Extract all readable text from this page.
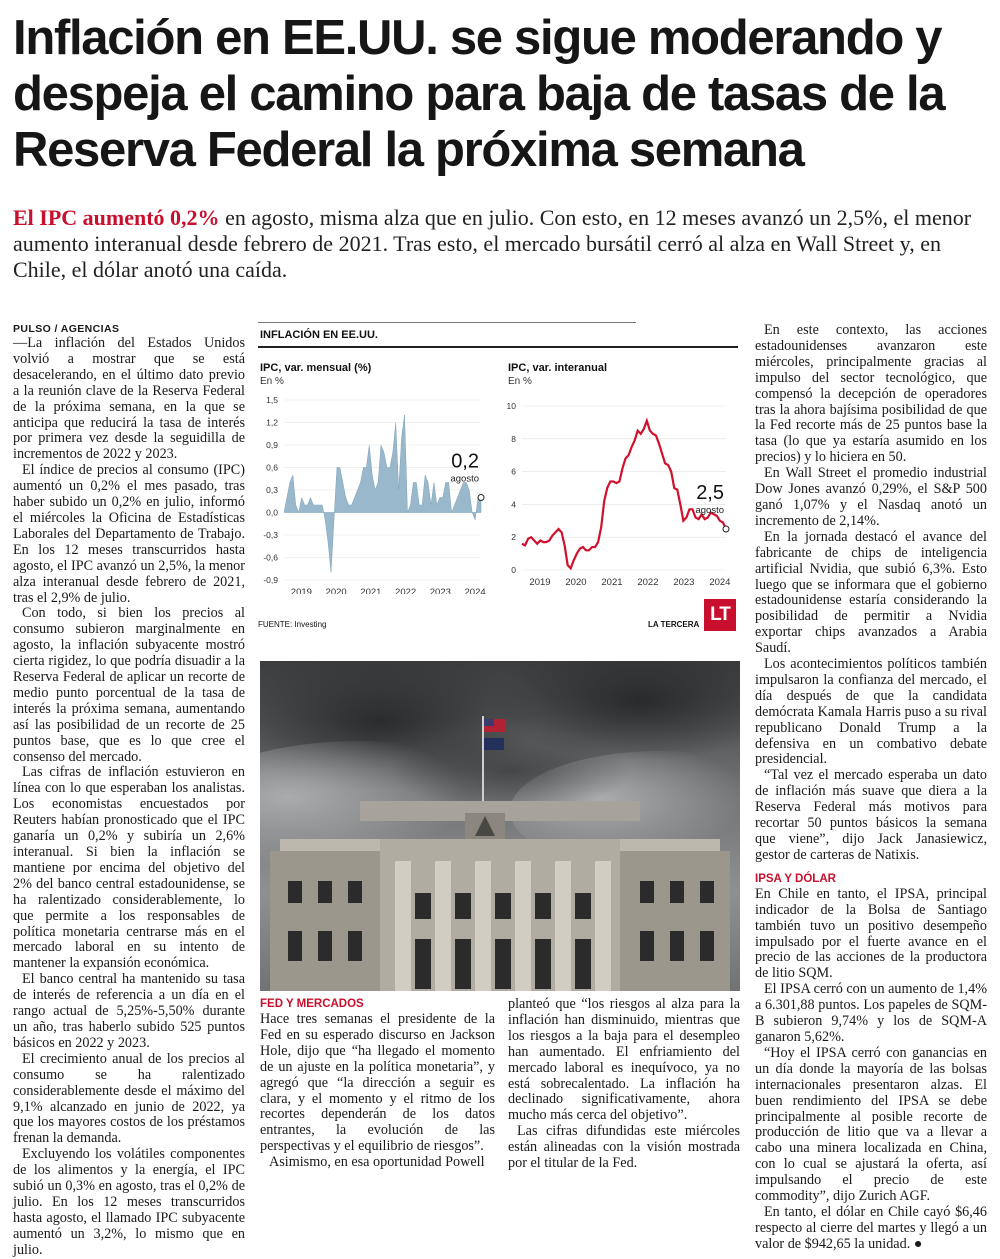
Inflación en EE.UU. se sigue moderando y despeja el camino para baja de tasas de la Reserva Federal la próxima semana

El IPC aumentó 0,2% en agosto, misma alza que en julio. Con esto, en 12 meses avanzó un 2,5%, el menor aumento interanual desde febrero de 2021. Tras esto, el mercado bursátil cerró al alza en Wall Street y, en Chile, el dólar anotó una caída.

PULSO / AGENCIAS

—La inflación del Estados Unidos volvió a mostrar que se está desacelerando, en el último dato previo a la reunión clave de la Reserva Federal de la próxima semana, en la que se anticipa que reducirá la tasa de interés por primera vez desde la seguidilla de incrementos de 2022 y 2023.

El índice de precios al consumo (IPC) aumentó un 0,2% el mes pasado, tras haber subido un 0,2% en julio, informó el miércoles la Oficina de Estadísticas Laborales del Departamento de Trabajo. En los 12 meses transcurridos hasta agosto, el IPC avanzó un 2,5%, la menor alza interanual desde febrero de 2021, tras el 2,9% de julio.

Con todo, si bien los precios al consumo subieron marginalmente en agosto, la inflación subyacente mostró cierta rigidez, lo que podría disuadir a la Reserva Federal de aplicar un recorte de medio punto porcentual de la tasa de interés la próxima semana, aumentando así las posibilidad de un recorte de 25 puntos base, que es lo que cree el consenso del mercado.

Las cifras de inflación estuvieron en línea con lo que esperaban los analistas. Los economistas encuestados por Reuters habían pronosticado que el IPC ganaría un 0,2% y subiría un 2,6% interanual. Si bien la inflación se mantiene por encima del objetivo del 2% del banco central estadounidense, se ha ralentizado considerablemente, lo que permite a los responsables de política monetaria centrarse más en el mercado laboral en su intento de mantener la expansión económica.

El banco central ha mantenido su tasa de interés de referencia a un día en el rango actual de 5,25%-5,50% durante un año, tras haberlo subido 525 puntos básicos en 2022 y 2023.

El crecimiento anual de los precios al consumo se ha ralentizado considerablemente desde el máximo del 9,1% alcanzado en junio de 2022, ya que los mayores costos de los préstamos frenan la demanda.

Excluyendo los volátiles componentes de los alimentos y la energía, el IPC subió un 0,3% en agosto, tras el 0,2% de julio. En los 12 meses transcurridos hasta agosto, el llamado IPC subyacente aumentó un 3,2%, lo mismo que en julio.

INFLACIÓN EN EE.UU.
IPC, var. mensual (%)
En %
IPC, var. interanual
En %
1,5
1,2
0,9
0,6
0,3
0,0
-0,3
-0,6
-0,9
2019 2020 2021 2022 2023 2024
0,2
agosto
10
8
6
4
2
0
2019 2020 2021 2022 2023 2024
2,5
agosto
FUENTE: Investing	LA TERCERA LT

FED Y MERCADOS

Hace tres semanas el presidente de la Fed en su esperado discurso en Jackson Hole, dijo que “ha llegado el momento de un ajuste en la política monetaria”, y agregó que “la dirección a seguir es clara, y el momento y el ritmo de los recortes dependerán de los datos entrantes, la evolución de las perspectivas y el equilibrio de riesgos”.

Asimismo, en esa oportunidad Powell

planteó que “los riesgos al alza para la inflación han disminuido, mientras que los riesgos a la baja para el desempleo han aumentado. El enfriamiento del mercado laboral es inequívoco, ya no está sobrecalentado. La inflación ha declinado significativamente, ahora mucho más cerca del objetivo”.

Las cifras difundidas este miércoles están alineadas con la visión mostrada por el titular de la Fed.

En este contexto, las acciones estadounidenses avanzaron este miércoles, principalmente gracias al impulso del sector tecnológico, que compensó la decepción de operadores tras la ahora bajísima posibilidad de que la Fed recorte más de 25 puntos base la tasa (lo que ya estaría asumido en los precios) y lo hiciera en 50.

En Wall Street el promedio industrial Dow Jones avanzó 0,29%, el S&P 500 ganó 1,07% y el Nasdaq anotó un incremento de 2,14%.

En la jornada destacó el avance del fabricante de chips de inteligencia artificial Nvidia, que subió 6,3%. Esto luego que se informara que el gobierno estadounidense estaría considerando la posibilidad de permitir a Nvidia exportar chips avanzados a Arabia Saudí.

Los acontecimientos políticos también impulsaron la confianza del mercado, el día después de que la candidata demócrata Kamala Harris puso a su rival republicano Donald Trump a la defensiva en un combativo debate presidencial.

“Tal vez el mercado esperaba un dato de inflación más suave que diera a la Reserva Federal más motivos para recortar 50 puntos básicos la semana que viene”, dijo Jack Janasiewicz, gestor de carteras de Natixis.

IPSA Y DÓLAR

En Chile en tanto, el IPSA, principal indicador de la Bolsa de Santiago también tuvo un positivo desempeño impulsado por el fuerte avance en el precio de las acciones de la productora de litio SQM.

El IPSA cerró con un aumento de 1,4% a 6.301,88 puntos. Los papeles de SQM-B subieron 9,74% y los de SQM-A ganaron 5,62%.

“Hoy el IPSA cerró con ganancias en un día donde la mayoría de las bolsas internacionales presentaron alzas. El buen rendimiento del IPSA se debe principalmente al posible recorte de producción de litio que va a llevar a cabo una minera localizada en China, con lo cual se ajustará la oferta, así impulsando el precio de este commodity”, dijo Zurich AGF.

En tanto, el dólar en Chile cayó $6,46 respecto al cierre del martes y llegó a un valor de $942,65 la unidad. ●
